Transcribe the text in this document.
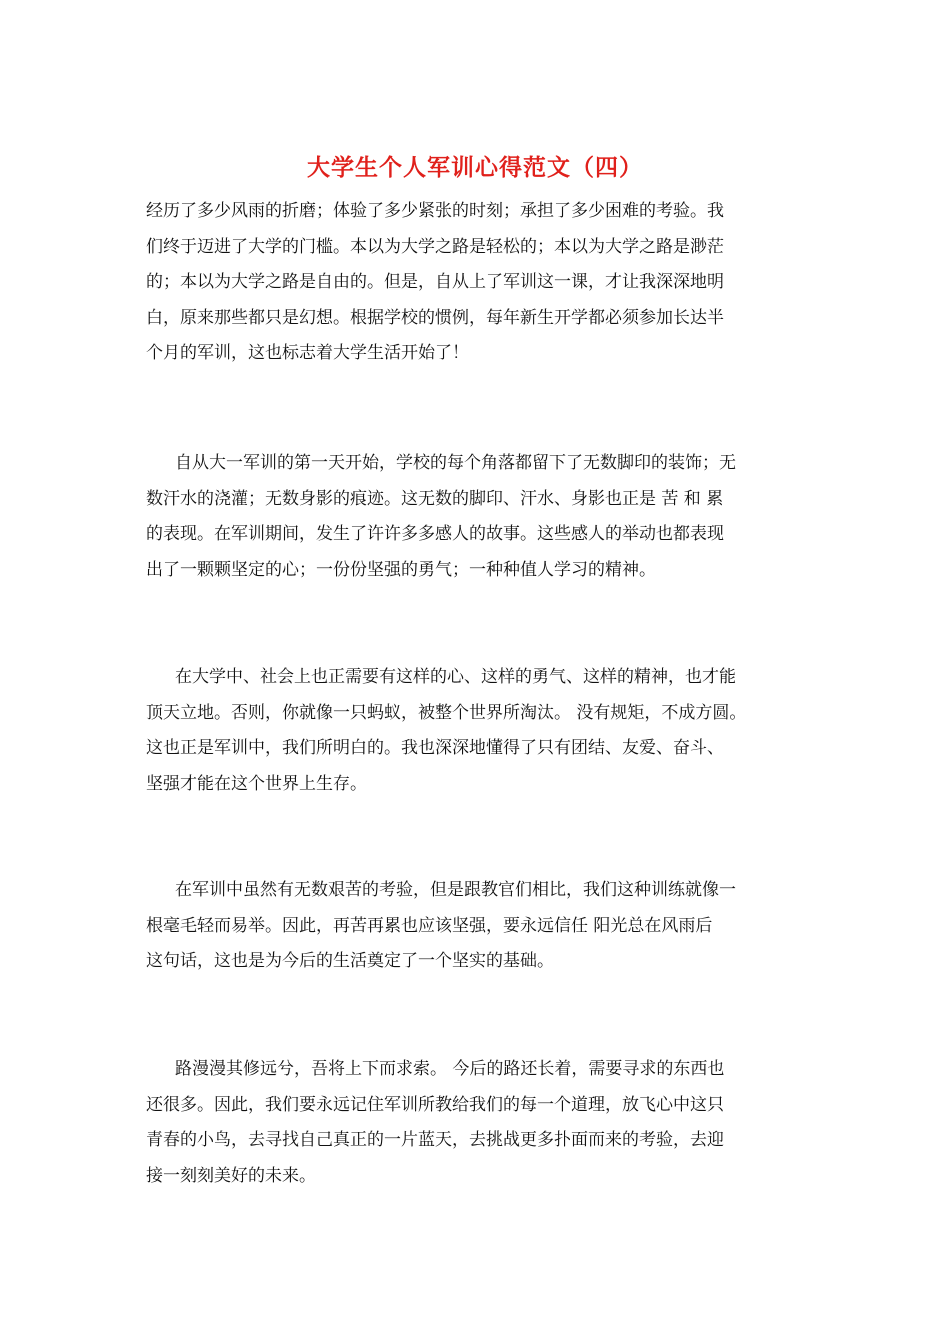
大学生个人军训心得范文（四）
经历了多少风雨的折磨；体验了多少紧张的时刻；承担了多少困难的考验。我
们终于迈进了大学的门槛。本以为大学之路是轻松的；本以为大学之路是渺茫
的；本以为大学之路是自由的。但是，自从上了军训这一课，才让我深深地明
白，原来那些都只是幻想。根据学校的惯例，每年新生开学都必须参加长达半
个月的军训，这也标志着大学生活开始了！
自从大一军训的第一天开始，学校的每个角落都留下了无数脚印的装饰；无
数汗水的浇灌；无数身影的痕迹。这无数的脚印、汗水、身影也正是 苦 和 累
的表现。在军训期间，发生了许许多多感人的故事。这些感人的举动也都表现
出了一颗颗坚定的心；一份份坚强的勇气；一种种值人学习的精神。
在大学中、社会上也正需要有这样的心、这样的勇气、这样的精神，也才能
顶天立地。否则，你就像一只蚂蚁，被整个世界所淘汰。 没有规矩，不成方圆。
这也正是军训中，我们所明白的。我也深深地懂得了只有团结、友爱、奋斗、
坚强才能在这个世界上生存。
在军训中虽然有无数艰苦的考验，但是跟教官们相比，我们这种训练就像一
根毫毛轻而易举。因此，再苦再累也应该坚强，要永远信任 阳光总在风雨后
这句话，这也是为今后的生活奠定了一个坚实的基础。
路漫漫其修远兮，吾将上下而求索。 今后的路还长着，需要寻求的东西也
还很多。因此，我们要永远记住军训所教给我们的每一个道理，放飞心中这只
青春的小鸟，去寻找自己真正的一片蓝天，去挑战更多扑面而来的考验，去迎
接一刻刻美好的未来。
